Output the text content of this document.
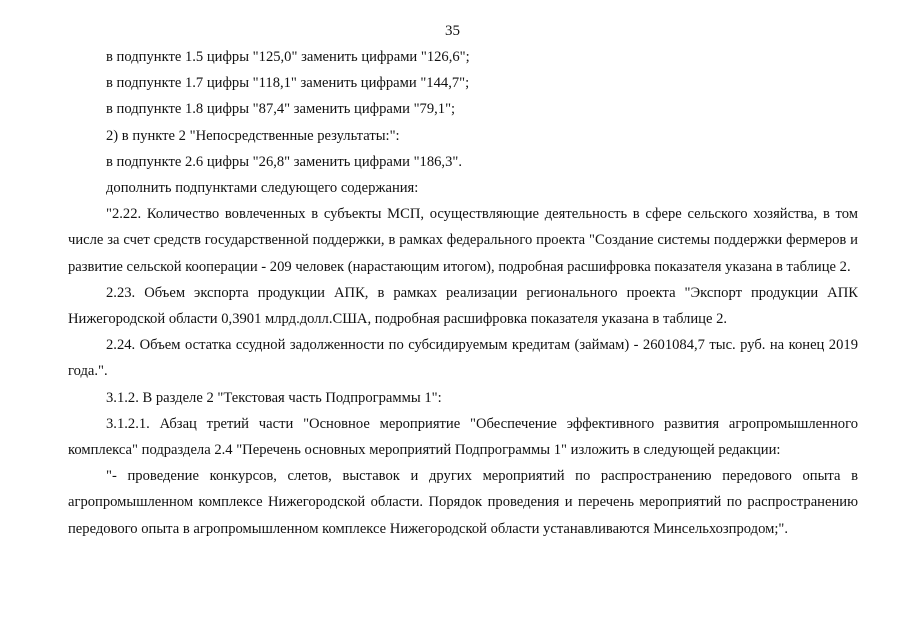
35

в подпункте 1.5 цифры "125,0" заменить цифрами "126,6";

в подпункте 1.7 цифры "118,1" заменить цифрами "144,7";

в подпункте 1.8 цифры "87,4" заменить цифрами "79,1";

2) в пункте 2 "Непосредственные результаты:":

в подпункте 2.6 цифры "26,8" заменить цифрами "186,3".

дополнить подпунктами следующего содержания:

"2.22. Количество вовлеченных в субъекты МСП, осуществляющие деятельность в сфере сельского хозяйства, в том числе за счет средств государственной поддержки, в рамках федерального проекта "Создание системы поддержки фермеров и развитие сельской кооперации - 209 человек (нарастающим итогом), подробная расшифровка показателя указана в таблице 2.

2.23. Объем экспорта продукции АПК, в рамках реализации регионального проекта "Экспорт продукции АПК Нижегородской области 0,3901 млрд.долл.США, подробная расшифровка показателя указана в таблице 2.

2.24. Объем остатка ссудной задолженности по субсидируемым кредитам (займам) - 2601084,7 тыс. руб. на конец 2019 года.".

3.1.2. В разделе 2 "Текстовая часть Подпрограммы 1":

3.1.2.1. Абзац третий части "Основное мероприятие "Обеспечение эффективного развития агропромышленного комплекса" подраздела 2.4 "Перечень основных мероприятий Подпрограммы 1" изложить в следующей редакции:

"- проведение конкурсов, слетов, выставок и других мероприятий по распространению передового опыта в агропромышленном комплексе Нижегородской области. Порядок проведения и перечень мероприятий по распространению передового опыта в агропромышленном комплексе Нижегородской области устанавливаются Минсельхозпродом;".
